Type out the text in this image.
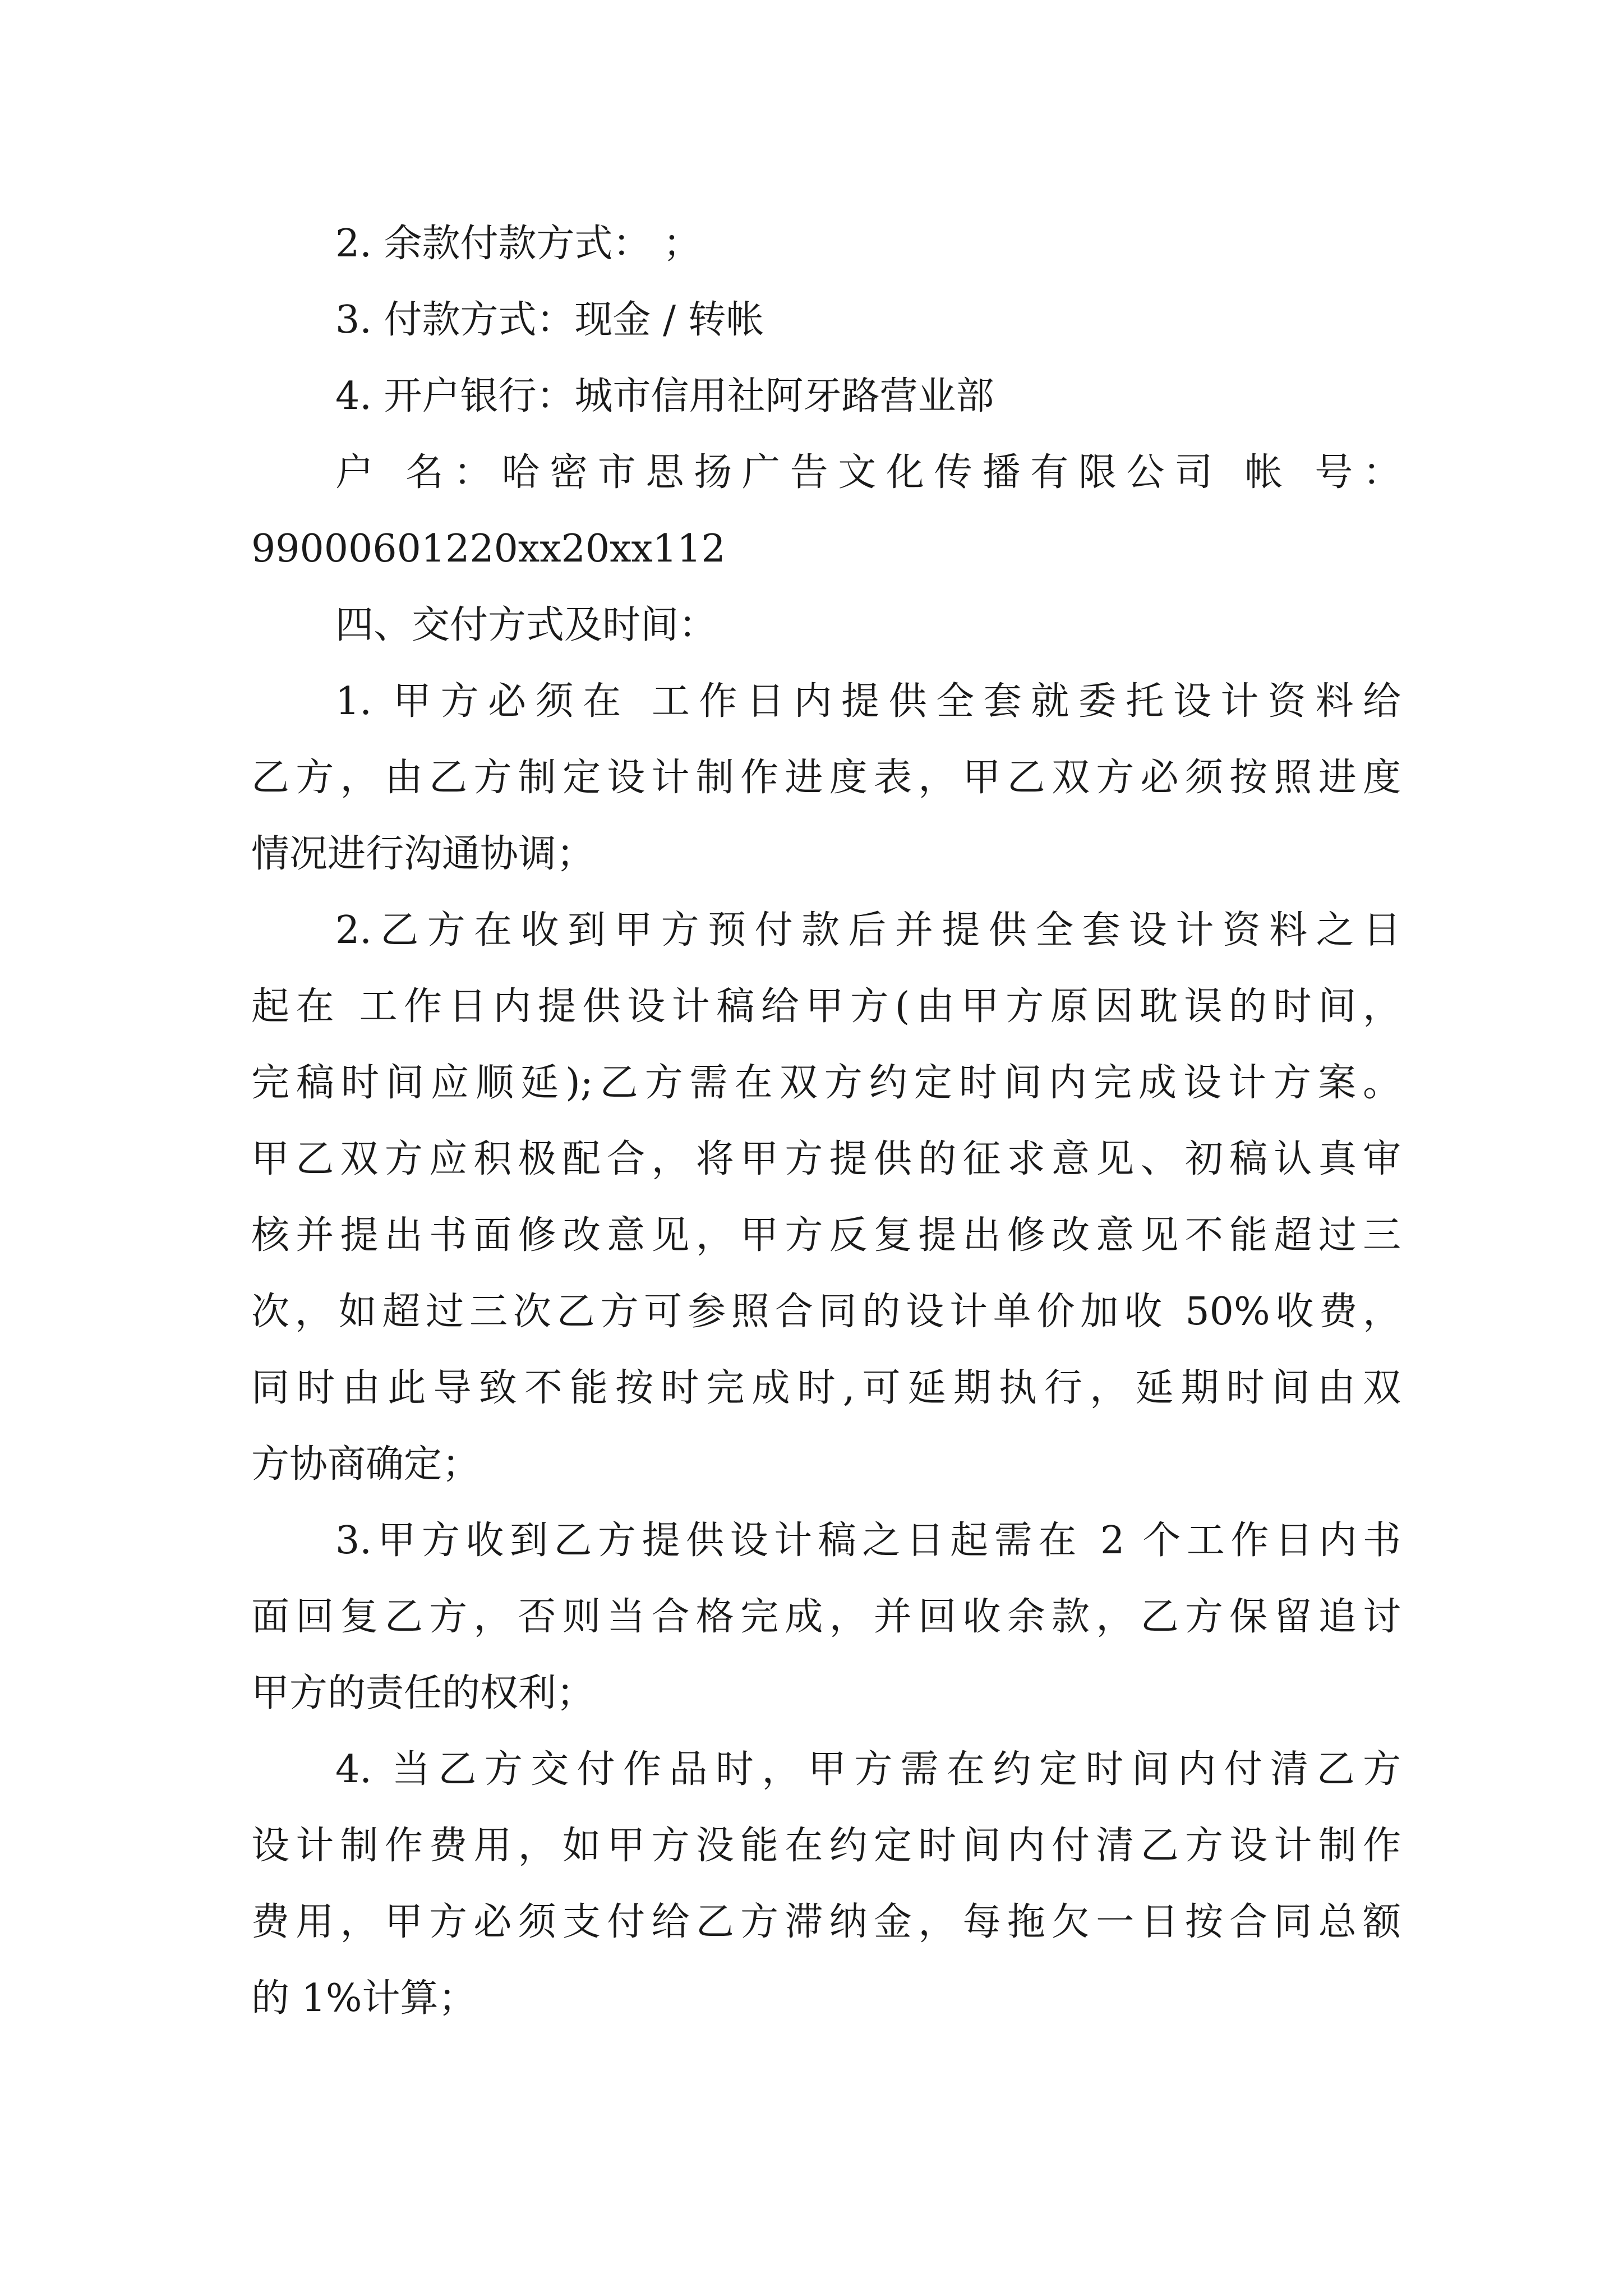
2. 余款付款方式： ；

3. 付款方式：现金 / 转帐

4. 开户银行：城市信用社阿牙路营业部

户 名：哈密市思扬广告文化传播有限公司 帐 号：

99000601220xx20xx112

四、交付方式及时间：

1. 甲方必须在 工作日内提供全套就委托设计资料给

乙方，由乙方制定设计制作进度表，甲乙双方必须按照进度

情况进行沟通协调；

2.乙方在收到甲方预付款后并提供全套设计资料之日

起在 工作日内提供设计稿给甲方(由甲方原因耽误的时间，

完稿时间应顺延);乙方需在双方约定时间内完成设计方案。

甲乙双方应积极配合，将甲方提供的征求意见、初稿认真审

核并提出书面修改意见，甲方反复提出修改意见不能超过三

次，如超过三次乙方可参照合同的设计单价加收 50%收费，

同时由此导致不能按时完成时,可延期执行，延期时间由双

方协商确定；

3.甲方收到乙方提供设计稿之日起需在 2 个工作日内书

面回复乙方，否则当合格完成，并回收余款，乙方保留追讨

甲方的责任的权利；

4. 当乙方交付作品时，甲方需在约定时间内付清乙方

设计制作费用，如甲方没能在约定时间内付清乙方设计制作

费用，甲方必须支付给乙方滞纳金，每拖欠一日按合同总额

的 1%计算；
